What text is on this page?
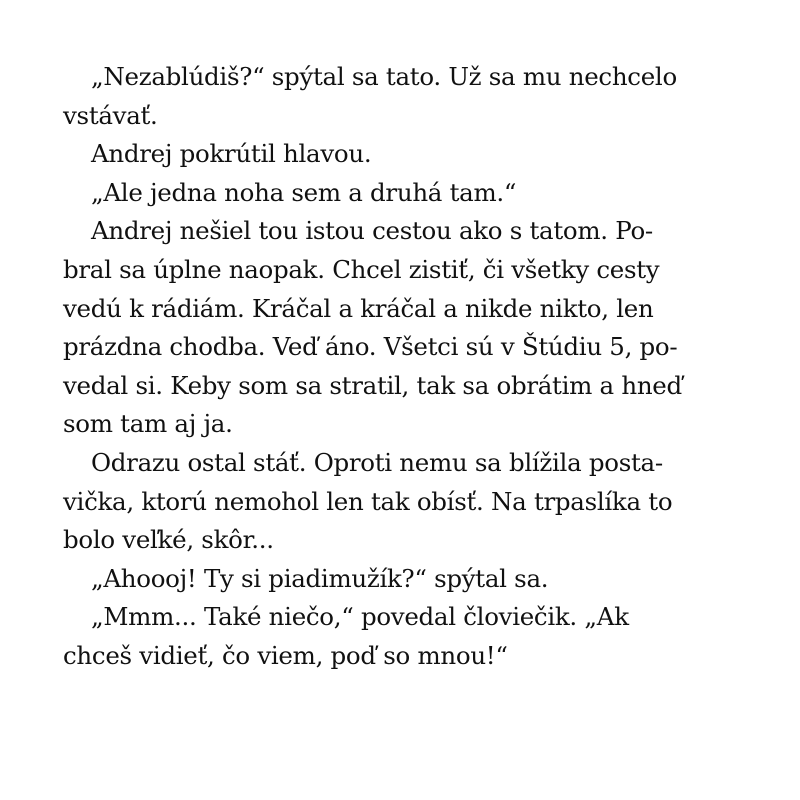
„Nezablúdiš?“ spýtal sa tato. Už sa mu nechcelo
vstávať.
Andrej pokrútil hlavou.
„Ale jedna noha sem a druhá tam.“
Andrej nešiel tou istou cestou ako s tatom. Po-
bral sa úplne naopak. Chcel zistiť, či všetky cesty
vedú k rádiám. Kráčal a kráčal a nikde nikto, len
prázdna chodba. Veď áno. Všetci sú v Štúdiu 5, po-
vedal si. Keby som sa stratil, tak sa obrátim a hneď
som tam aj ja.
Odrazu ostal stáť. Oproti nemu sa blížila posta-
vička, ktorú nemohol len tak obísť. Na trpaslíka to
bolo veľké, skôr...
„Ahoooj! Ty si piadimužík?“ spýtal sa.
„Mmm... Také niečo,“ povedal človiečik. „Ak
chceš vidieť, čo viem, poď so mnou!“
